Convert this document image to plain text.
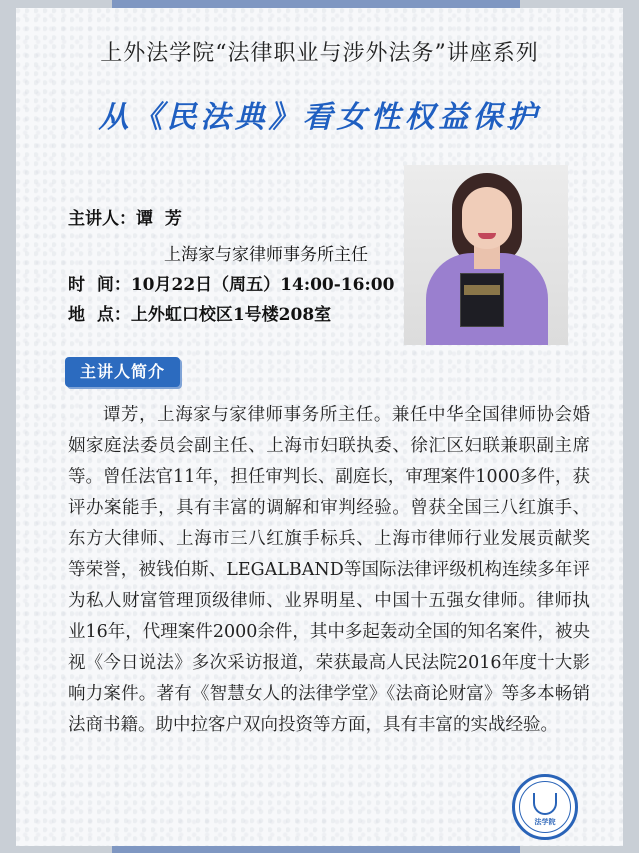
上外法学院“法律职业与涉外法务”讲座系列
从《民法典》看女性权益保护
主讲人：谭  芳
上海家与家律师事务所主任
时  间：10月22日（周五）14:00-16:00
地  点：上外虹口校区1号楼208室
主讲人简介
谭芳，上海家与家律师事务所主任。兼任中华全国律师协会婚姻家庭法委员会副主任、上海市妇联执委、徐汇区妇联兼职副主席等。曾任法官11年，担任审判长、副庭长，审理案件1000多件，获评办案能手，具有丰富的调解和审判经验。曾获全国三八红旗手、东方大律师、上海市三八红旗手标兵、上海市律师行业发展贡献奖等荣誉，被钱伯斯、LEGALBAND等国际法律评级机构连续多年评为私人财富管理顶级律师、业界明星、中国十五强女律师。律师执业16年，代理案件2000余件，其中多起轰动全国的知名案件，被央视《今日说法》多次采访报道，荣获最高人民法院2016年度十大影响力案件。著有《智慧女人的法律学堂》《法商论财富》等多本畅销法商书籍。助中拉客户双向投资等方面，具有丰富的实战经验。
法学院
